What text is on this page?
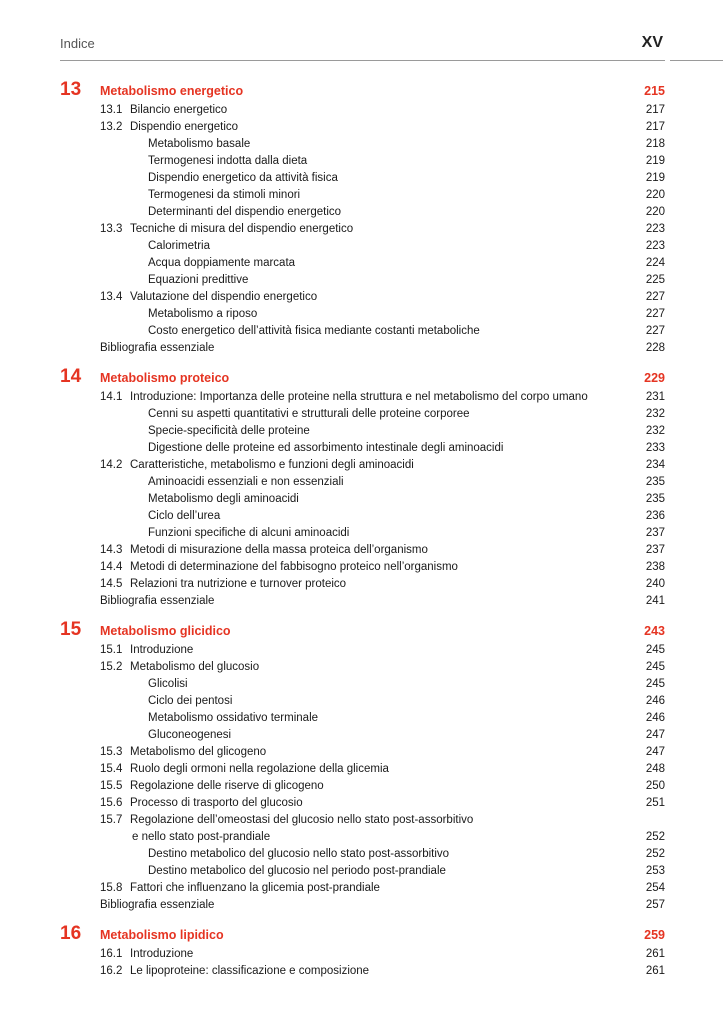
Indice	XV
13 Metabolismo energetico	215
13.1 Bilancio energetico	217
13.2 Dispendio energetico	217
Metabolismo basale	218
Termogenesi indotta dalla dieta	219
Dispendio energetico da attività fisica	219
Termogenesi da stimoli minori	220
Determinanti del dispendio energetico	220
13.3 Tecniche di misura del dispendio energetico	223
Calorimetria	223
Acqua doppiamente marcata	224
Equazioni predittive	225
13.4 Valutazione del dispendio energetico	227
Metabolismo a riposo	227
Costo energetico dell’attività fisica mediante costanti metaboliche	227
Bibliografia essenziale	228
14 Metabolismo proteico	229
14.1 Introduzione: Importanza delle proteine nella struttura e nel metabolismo del corpo umano	231
Cenni su aspetti quantitativi e strutturali delle proteine corporee	232
Specie-specificità delle proteine	232
Digestione delle proteine ed assorbimento intestinale degli aminoacidi	233
14.2 Caratteristiche, metabolismo e funzioni degli aminoacidi	234
Aminoacidi essenziali e non essenziali	235
Metabolismo degli aminoacidi	235
Ciclo dell’urea	236
Funzioni specifiche di alcuni aminoacidi	237
14.3 Metodi di misurazione della massa proteica dell’organismo	237
14.4 Metodi di determinazione del fabbisogno proteico nell’organismo	238
14.5 Relazioni tra nutrizione e turnover proteico	240
Bibliografia essenziale	241
15 Metabolismo glicidico	243
15.1 Introduzione	245
15.2 Metabolismo del glucosio	245
Glicolisi	245
Ciclo dei pentosi	246
Metabolismo ossidativo terminale	246
Gluconeogenesi	247
15.3 Metabolismo del glicogeno	247
15.4 Ruolo degli ormoni nella regolazione della glicemia	248
15.5 Regolazione delle riserve di glicogeno	250
15.6 Processo di trasporto del glucosio	251
15.7 Regolazione dell’omeostasi del glucosio nello stato post-assorbitivo
e nello stato post-prandiale	252
Destino metabolico del glucosio nello stato post-assorbitivo	252
Destino metabolico del glucosio nel periodo post-prandiale	253
15.8 Fattori che influenzano la glicemia post-prandiale	254
Bibliografia essenziale	257
16 Metabolismo lipidico	259
16.1 Introduzione	261
16.2 Le lipoproteine: classificazione e composizione	261
